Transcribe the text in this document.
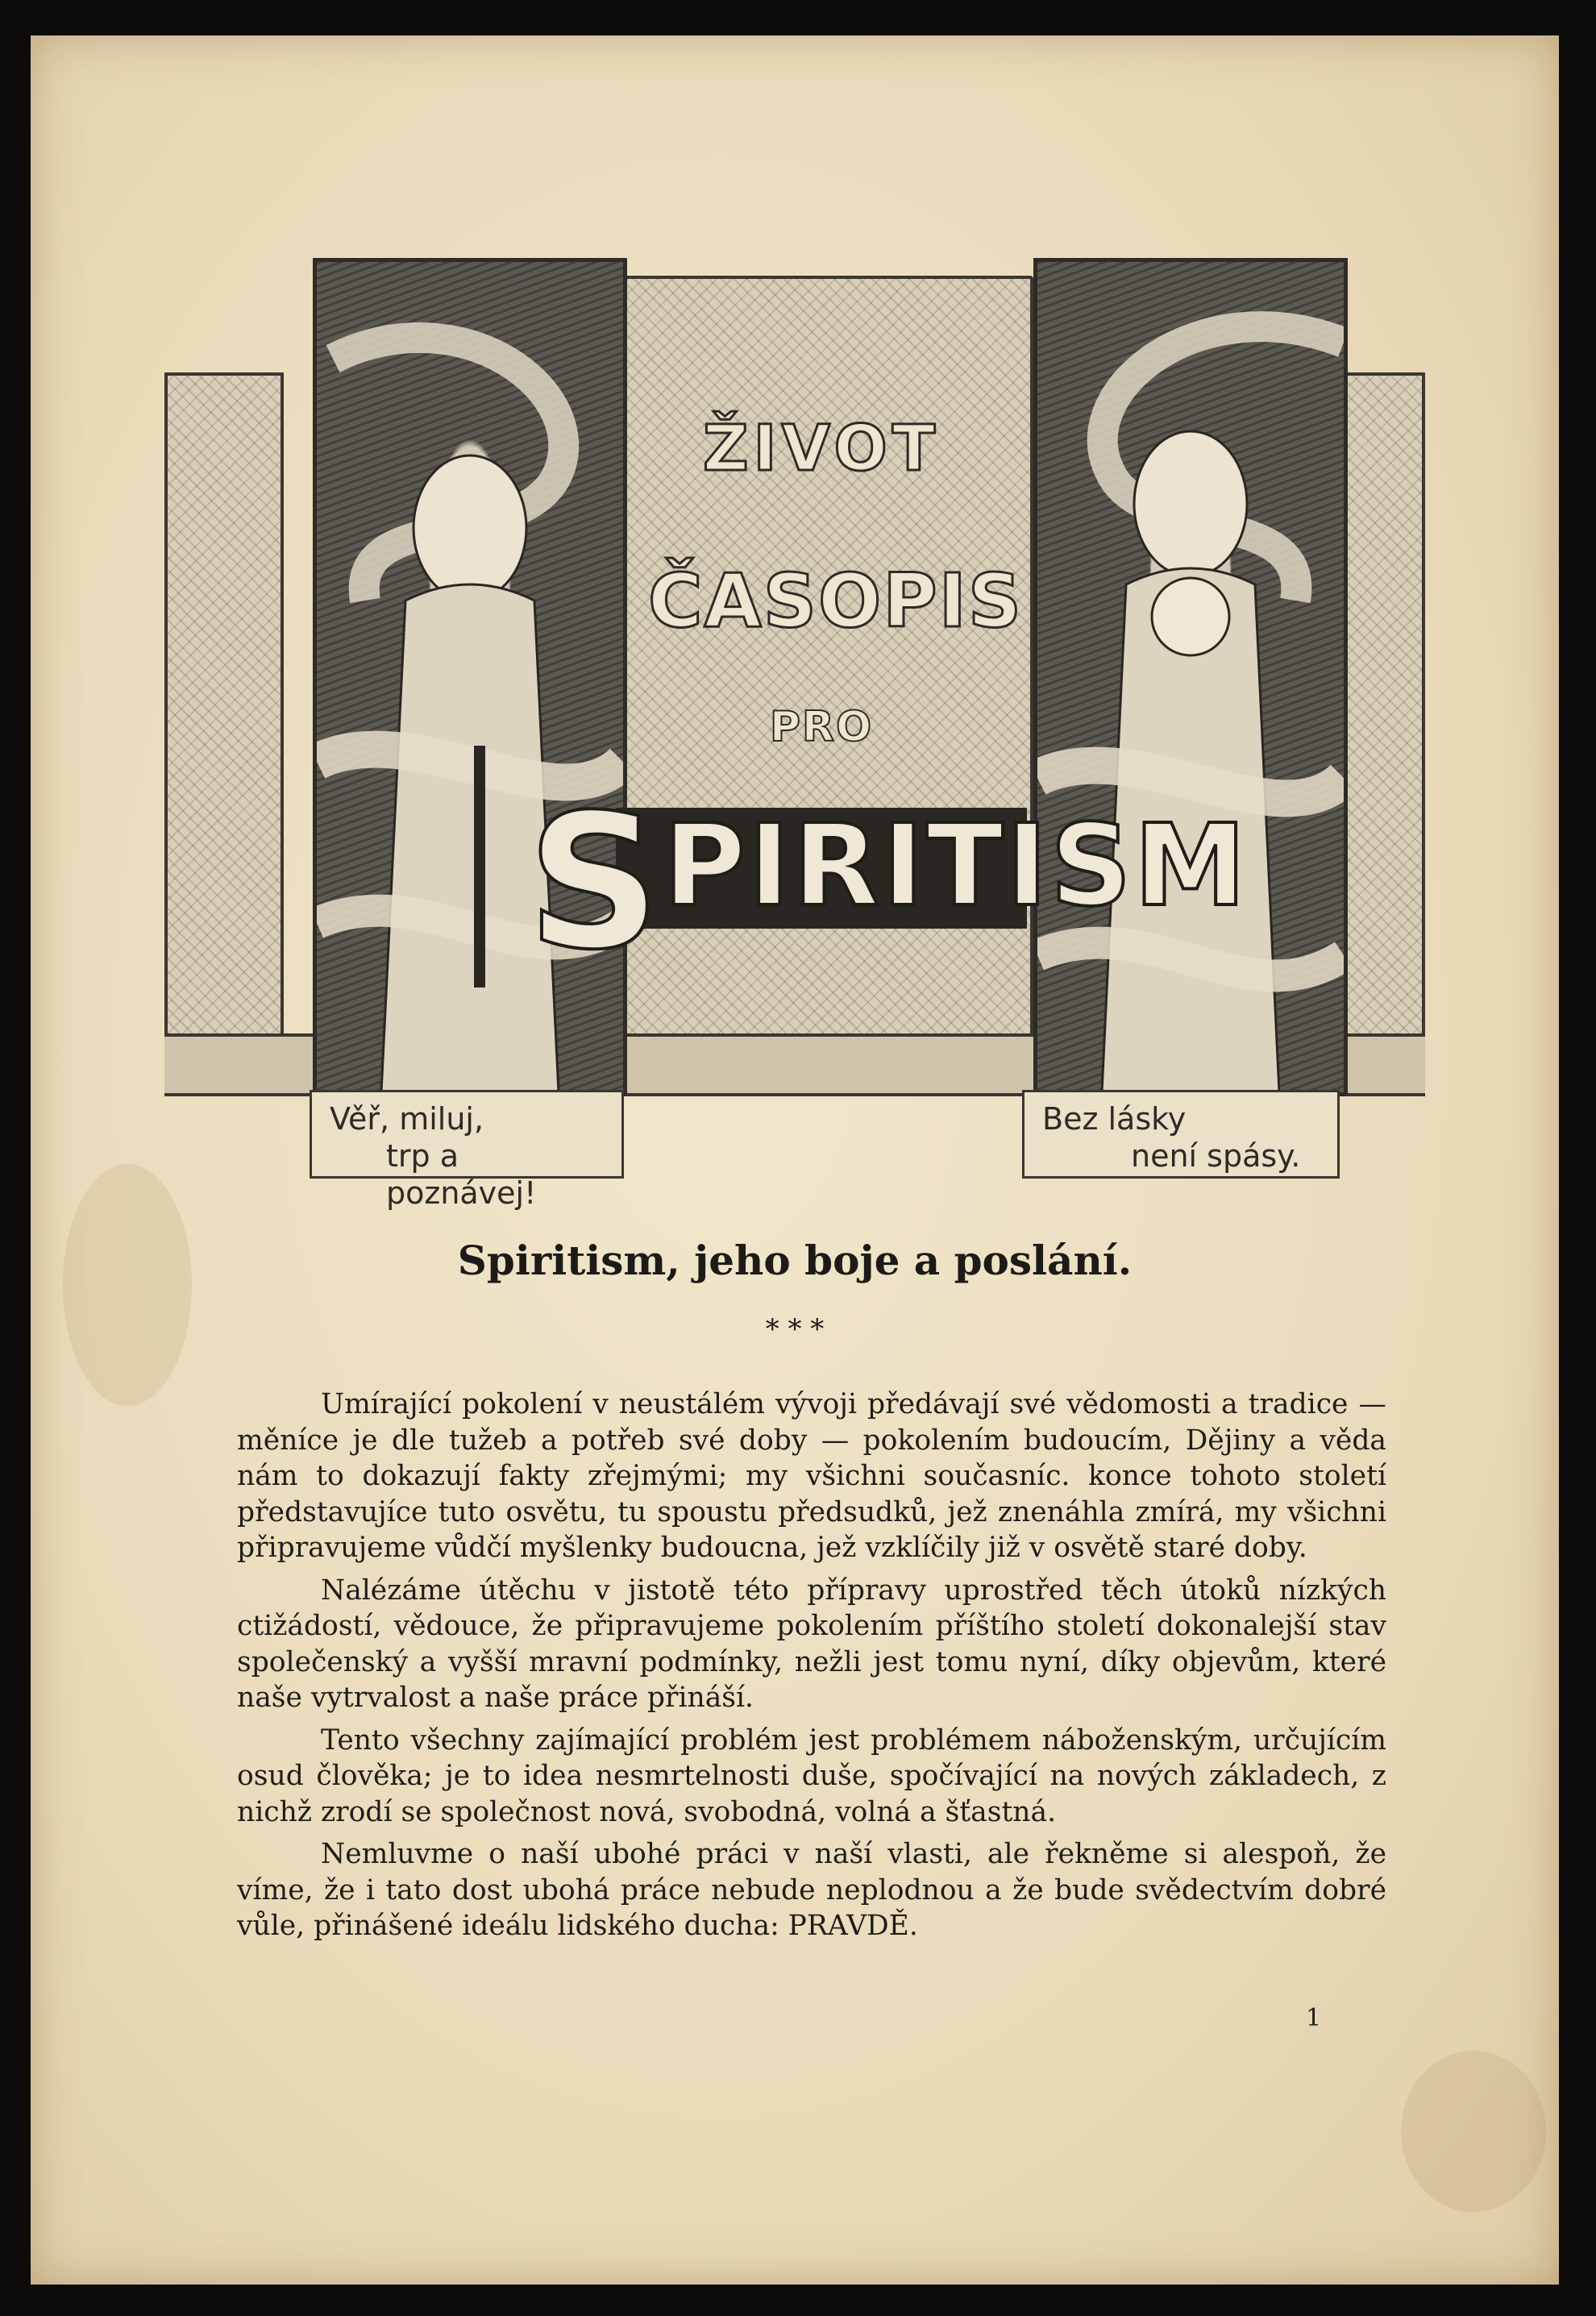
ŽIVOT
ČASOPIS
PRO
SPIRITISM
Věř, miluj,
trp a poznávej!
Bez lásky
není spásy.
Spiritism, jeho boje a poslání.
* * *

Umírající pokolení v neustálém vývoji předávají své vědomosti a tradice — měníce je dle tužeb a potřeb své doby — pokolením budoucím, Dějiny a věda nám to dokazují fakty zřejmými; my všichni současníc. konce tohoto století představujíce tuto osvětu, tu spoustu předsudků, jež znenáhla zmírá, my všichni připravujeme vůdčí myšlenky budoucna, jež vzklíčily již v osvětě staré doby.

Nalézáme útěchu v jistotě této přípravy uprostřed těch útoků nízkých ctižádostí, vědouce, že připravujeme pokolením příštího století dokonalejší stav společenský a vyšší mravní podmínky, nežli jest tomu nyní, díky objevům, které naše vytrvalost a naše práce přináší.

Tento všechny zajímající problém jest problémem náboženským, určujícím osud člověka; je to idea nesmrtelnosti duše, spočívající na nových základech, z nichž zrodí se společnost nová, svobodná, volná a šťastná.

Nemluvme o naší ubohé práci v naší vlasti, ale řekněme si alespoň, že víme, že i tato dost ubohá práce nebude neplodnou a že bude svědectvím dobré vůle, přinášené ideálu lidského ducha: PRAVDĚ.

1
